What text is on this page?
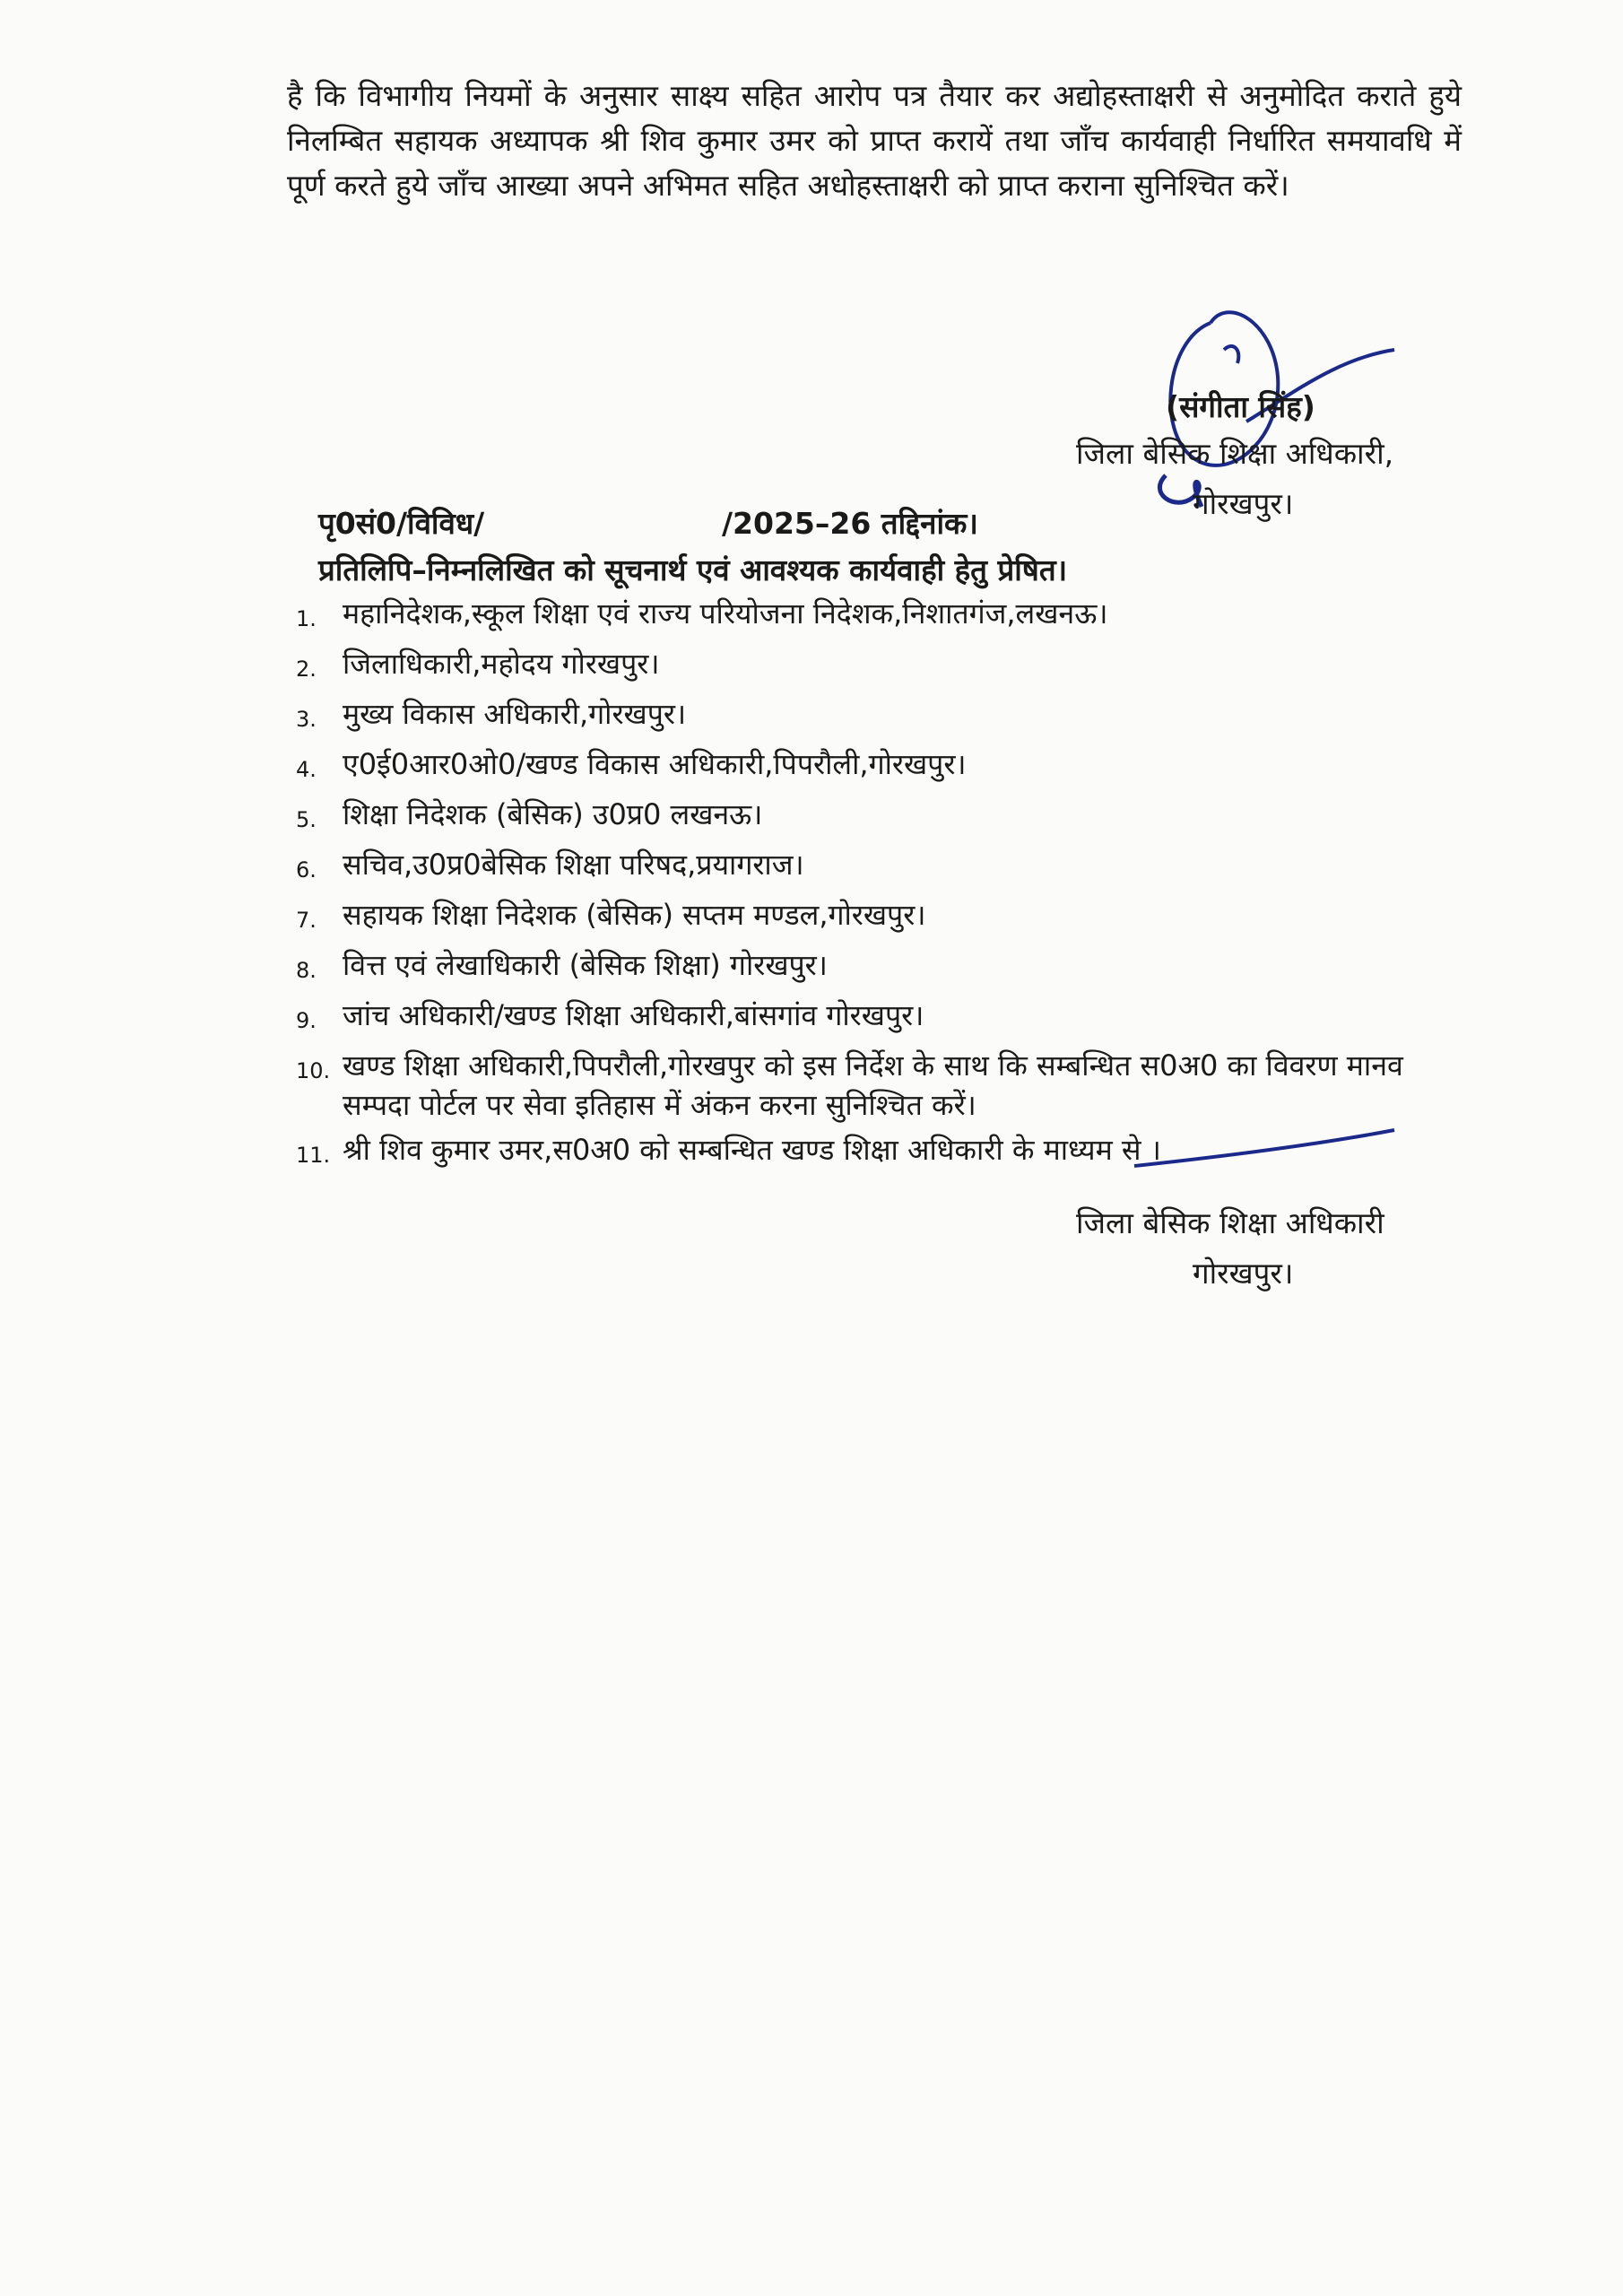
है कि विभागीय नियमों के अनुसार साक्ष्य सहित आरोप पत्र तैयार कर अद्योहस्ताक्षरी से अनुमोदित कराते हुये निलम्बित सहायक अध्यापक श्री शिव कुमार उमर को प्राप्त करायें तथा जाँच कार्यवाही निर्धारित समयावधि में पूर्ण करते हुये जाँच आख्या अपने अभिमत सहित अधोहस्ताक्षरी को प्राप्त कराना सुनिश्चित करें।

(संगीता सिंह)
जिला बेसिक शिक्षा अधिकारी,
गोरखपुर।
पृ0सं0/विविध/	/2025–26 तद्दिनांक।
प्रतिलिपि–निम्नलिखित को सूचनार्थ एवं आवश्यक कार्यवाही हेतु प्रेषित।
1. महानिदेशक,स्कूल शिक्षा एवं राज्य परियोजना निदेशक,निशातगंज,लखनऊ।
2. जिलाधिकारी,महोदय गोरखपुर।
3. मुख्य विकास अधिकारी,गोरखपुर।
4. ए0ई0आर0ओ0/खण्ड विकास अधिकारी,पिपरौली,गोरखपुर।
5. शिक्षा निदेशक (बेसिक) उ0प्र0 लखनऊ।
6. सचिव,उ0प्र0बेसिक शिक्षा परिषद,प्रयागराज।
7. सहायक शिक्षा निदेशक (बेसिक) सप्तम मण्डल,गोरखपुर।
8. वित्त एवं लेखाधिकारी (बेसिक शिक्षा) गोरखपुर।
9. जांच अधिकारी/खण्ड शिक्षा अधिकारी,बांसगांव गोरखपुर।
10. खण्ड शिक्षा अधिकारी,पिपरौली,गोरखपुर को इस निर्देश के साथ कि सम्बन्धित स0अ0 का विवरण मानव सम्पदा पोर्टल पर सेवा इतिहास में अंकन करना सुनिश्चित करें।
11. श्री शिव कुमार उमर,स0अ0 को सम्बन्धित खण्ड शिक्षा अधिकारी के माध्यम से ।
जिला बेसिक शिक्षा अधिकारी
गोरखपुर।
